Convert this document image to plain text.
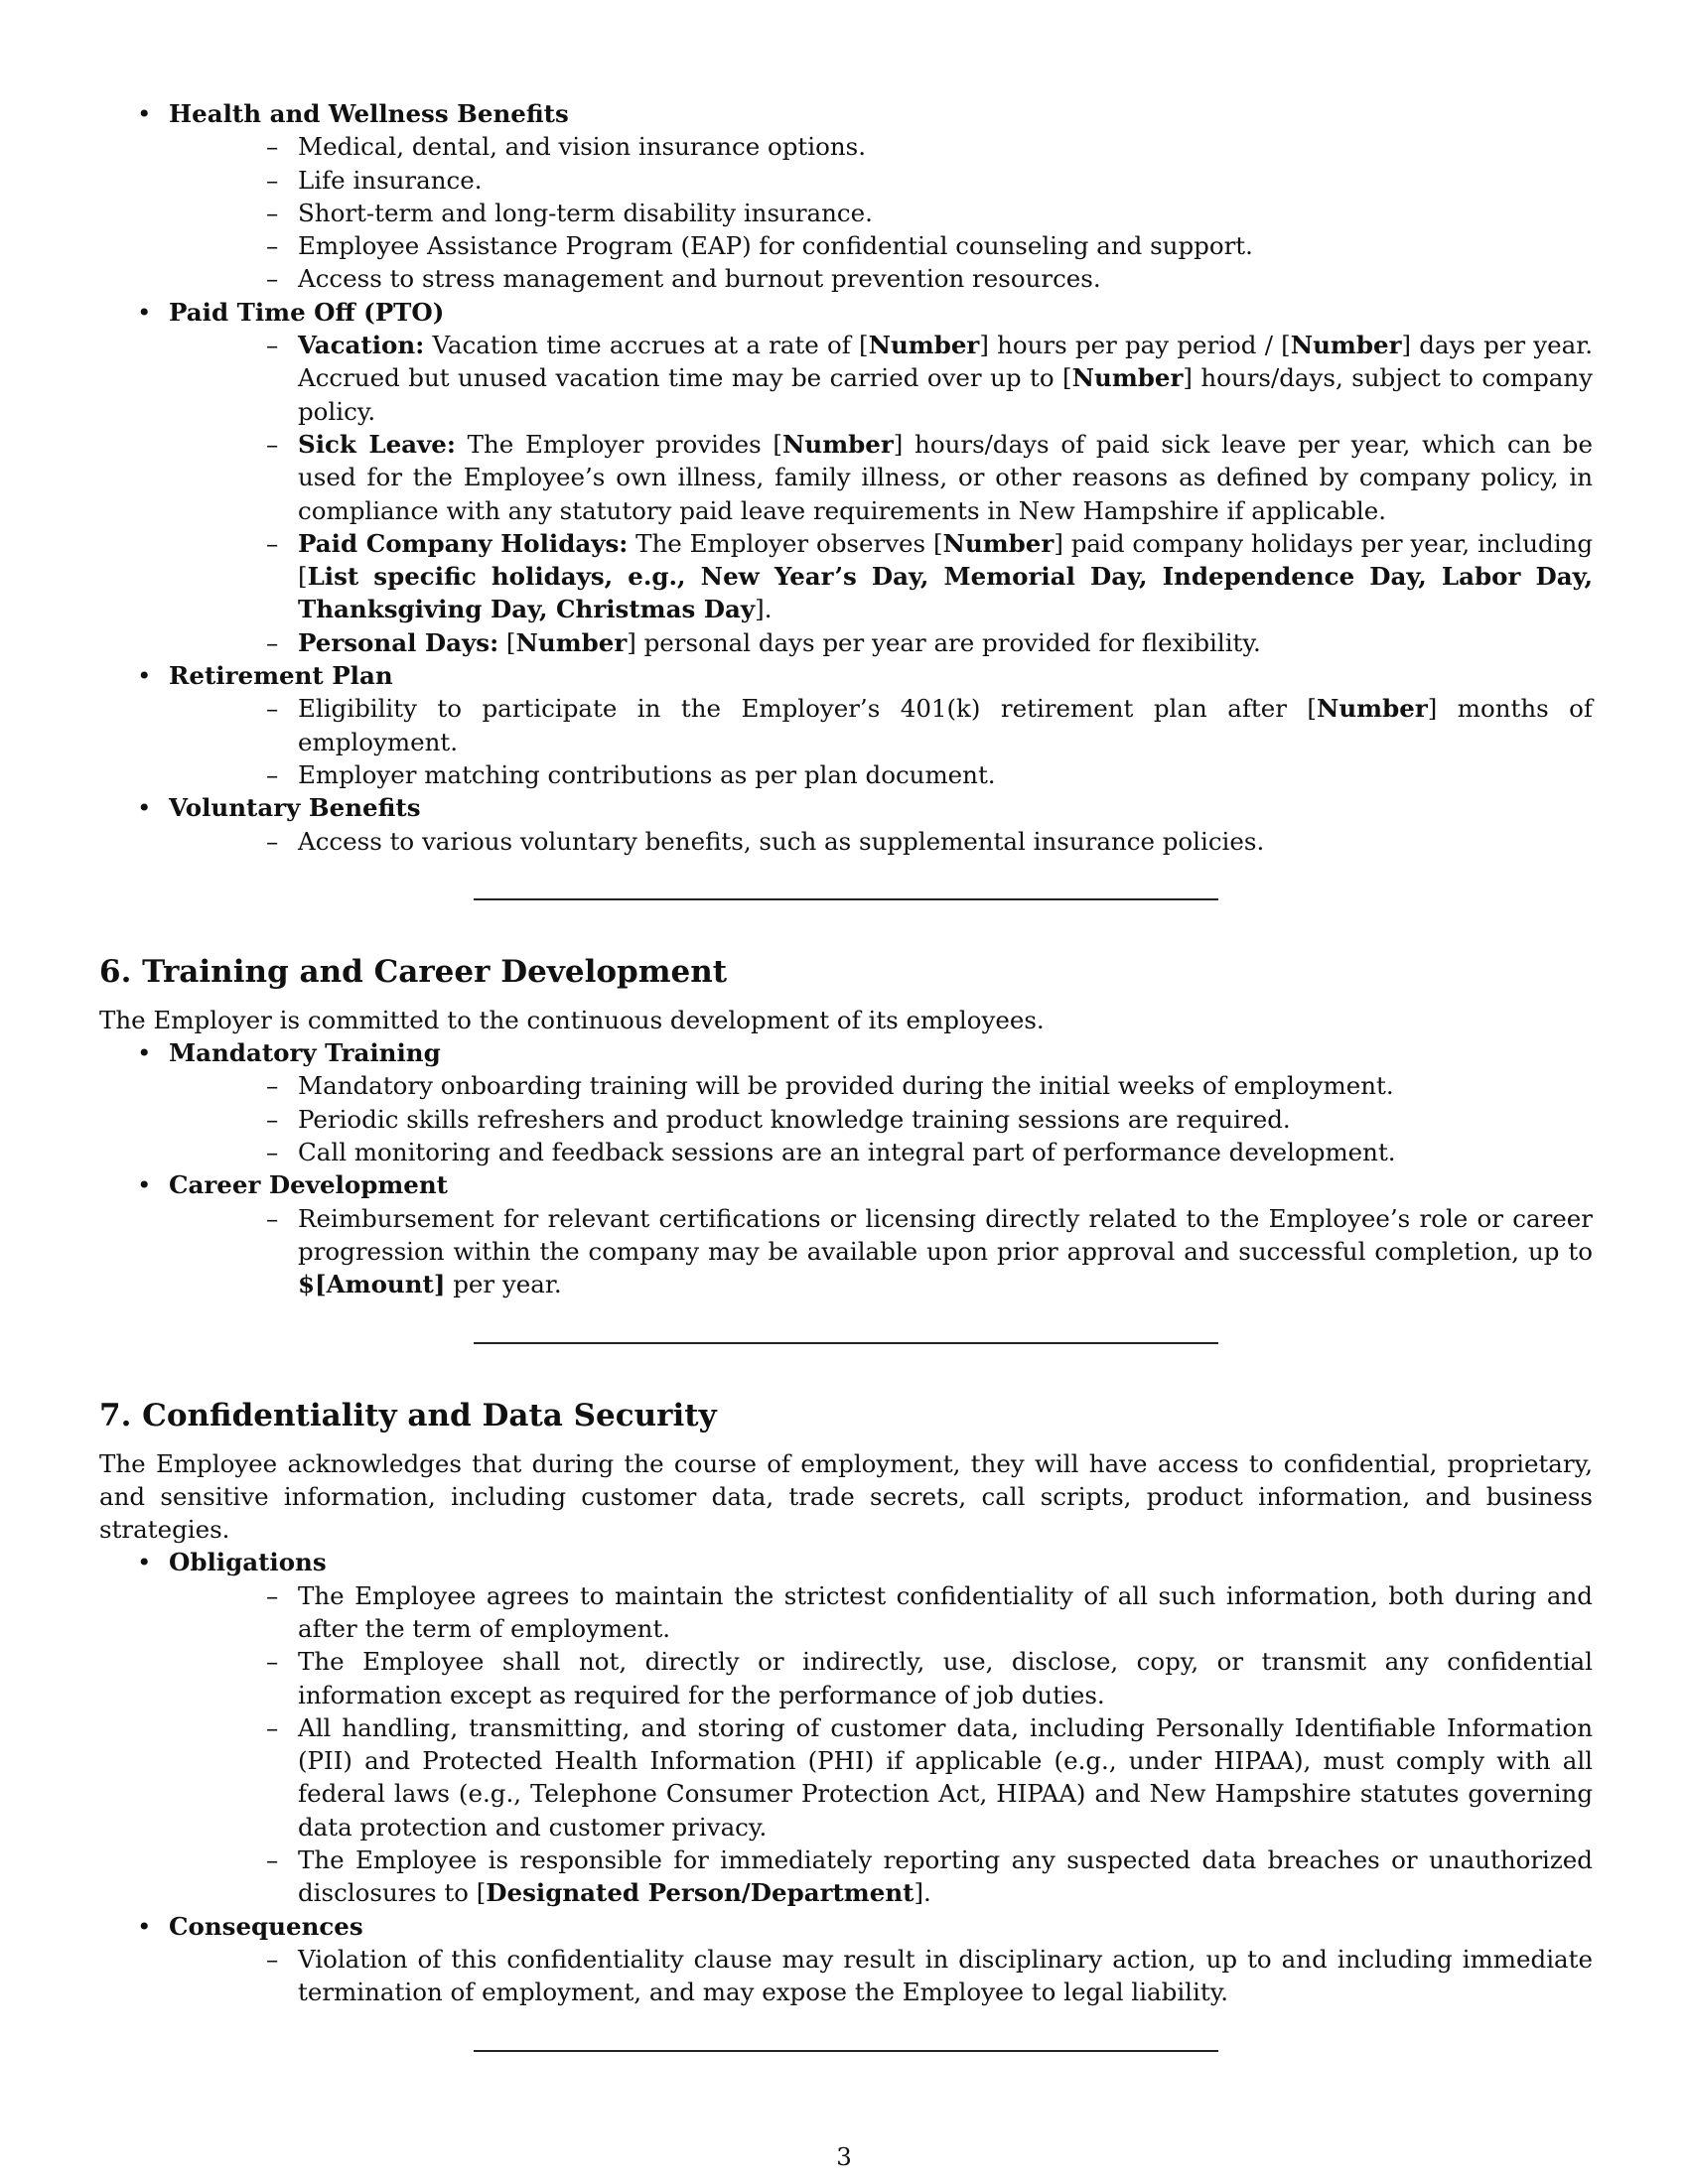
• Health and Wellness Benefits
– Medical, dental, and vision insurance options.
– Life insurance.
– Short-term and long-term disability insurance.
– Employee Assistance Program (EAP) for confidential counseling and support.
– Access to stress management and burnout prevention resources.
• Paid Time Off (PTO)
– Vacation: Vacation time accrues at a rate of [Number] hours per pay period / [Number] days per year. Accrued but unused vacation time may be carried over up to [Number] hours/days, subject to company policy.
– Sick Leave: The Employer provides [Number] hours/days of paid sick leave per year, which can be used for the Employee’s own illness, family illness, or other reasons as defined by company policy, in compliance with any statutory paid leave requirements in New Hampshire if applicable.
– Paid Company Holidays: The Employer observes [Number] paid company holidays per year, including [List specific holidays, e.g., New Year’s Day, Memorial Day, Independence Day, Labor Day, Thanksgiving Day, Christmas Day].
– Personal Days: [Number] personal days per year are provided for flexibility.
• Retirement Plan
– Eligibility to participate in the Employer’s 401(k) retirement plan after [Number] months of employment.
– Employer matching contributions as per plan document.
• Voluntary Benefits
– Access to various voluntary benefits, such as supplemental insurance policies.
6. Training and Career Development

The Employer is committed to the continuous development of its employees.

• Mandatory Training
– Mandatory onboarding training will be provided during the initial weeks of employment.
– Periodic skills refreshers and product knowledge training sessions are required.
– Call monitoring and feedback sessions are an integral part of performance development.
• Career Development
– Reimbursement for relevant certifications or licensing directly related to the Employee’s role or career progression within the company may be available upon prior approval and successful completion, up to $[Amount] per year.
7. Confidentiality and Data Security

The Employee acknowledges that during the course of employment, they will have access to confidential, proprietary, and sensitive information, including customer data, trade secrets, call scripts, product information, and business strategies.

• Obligations
– The Employee agrees to maintain the strictest confidentiality of all such information, both during and after the term of employment.
– The Employee shall not, directly or indirectly, use, disclose, copy, or transmit any confidential information except as required for the performance of job duties.
– All handling, transmitting, and storing of customer data, including Personally Identifiable Information (PII) and Protected Health Information (PHI) if applicable (e.g., under HIPAA), must comply with all federal laws (e.g., Telephone Consumer Protection Act, HIPAA) and New Hampshire statutes governing data protection and customer privacy.
– The Employee is responsible for immediately reporting any suspected data breaches or unauthorized disclosures to [Designated Person/Department].
• Consequences
– Violation of this confidentiality clause may result in disciplinary action, up to and including immediate termination of employment, and may expose the Employee to legal liability.
3
